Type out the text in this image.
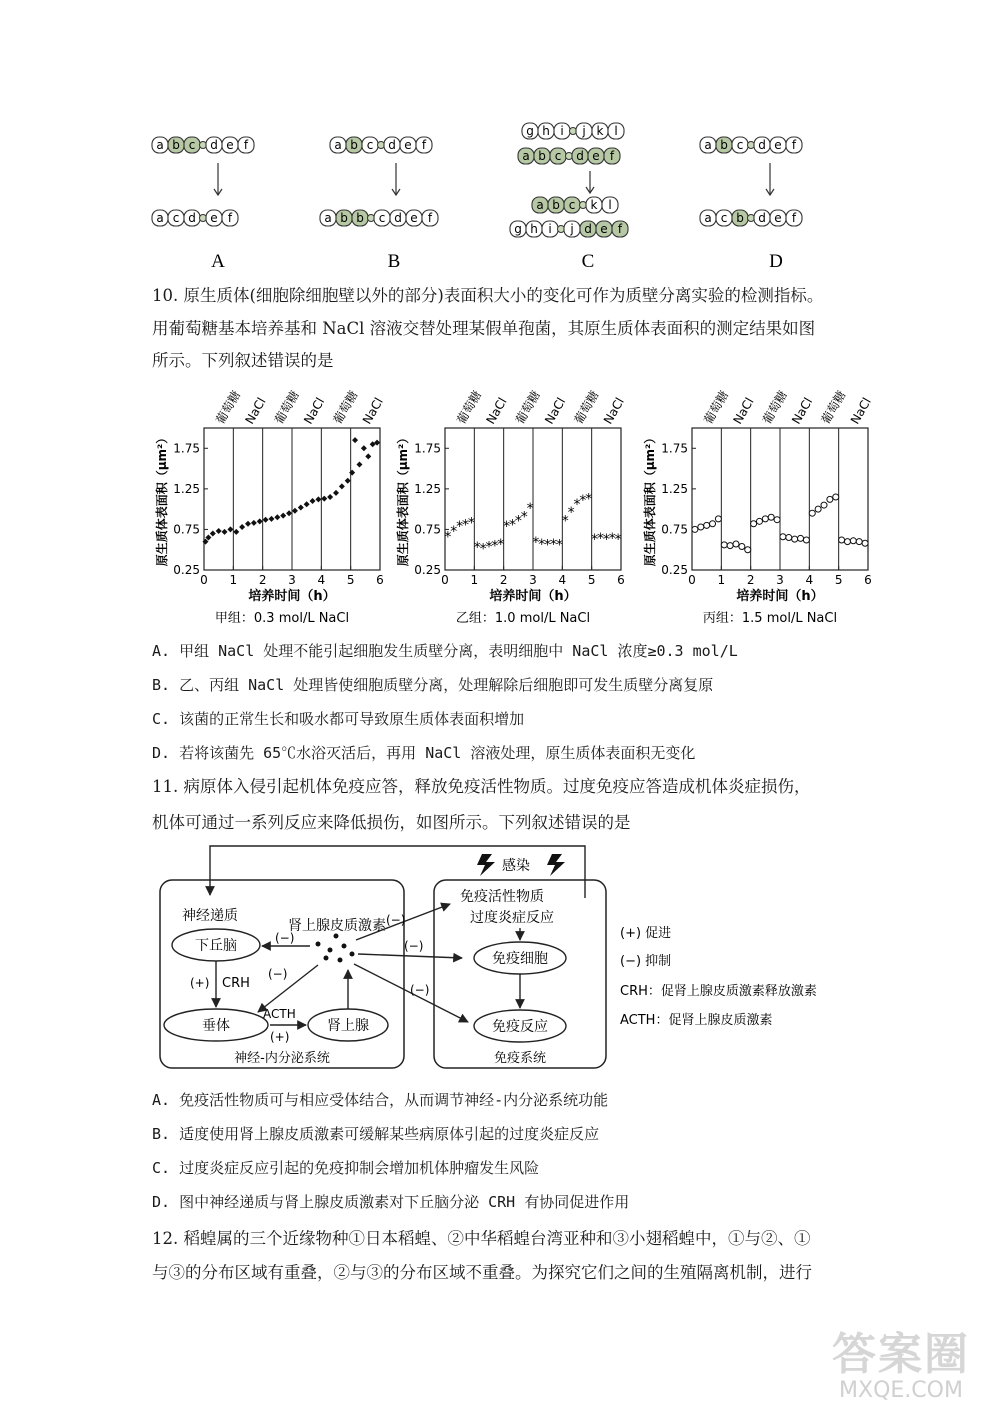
a b c d e f
a c d e f
A
a b c d e f
a b b c d e f
B
g h i j k l
a b c d e f
a b c k l
g h i j d e f
C
a b c d e f
a c b d e f
D
10. 原生质体(细胞除细胞壁以外的部分)表面积大小的变化可作为质壁分离实验的检测指标。
用葡萄糖基本培养基和 NaCl 溶液交替处理某假单孢菌，其原生质体表面积的测定结果如图
所示。下列叙述错误的是
葡萄糖 NaCl 葡萄糖 NaCl 葡萄糖 NaCl
0 1 2 3 4 5 6
0.25
0.75
1.25
1.75
培养时间（h）
原生质体表面积（μm²）
甲组：0.3 mol/L NaCl
葡萄糖 NaCl 葡萄糖 NaCl 葡萄糖 NaCl
0 1 2 3 4 5 6
0.25
0.75
1.25
1.75
培养时间（h）
原生质体表面积（μm²）
乙组：1.0 mol/L NaCl
*
*
*
*
*
*
*
*
*
*
*
*
*
*
*
*
*
*
*
*
*
*
*
*
*
*
*
*
*
*
葡萄糖 NaCl 葡萄糖 NaCl 葡萄糖 NaCl
0 1 2 3 4 5 6
0.25
0.75
1.25
1.75
培养时间（h）
原生质体表面积（μm²）
丙组：1.5 mol/L NaCl
A. 甲组 NaCl 处理不能引起细胞发生质壁分离，表明细胞中 NaCl 浓度≥0.3 mol/L
B. 乙、丙组 NaCl 处理皆使细胞质壁分离，处理解除后细胞即可发生质壁分离复原
C. 该菌的正常生长和吸水都可导致原生质体表面积增加
D. 若将该菌先 65℃水浴灭活后，再用 NaCl 溶液处理，原生质体表面积无变化
11. 病原体入侵引起机体免疫应答，释放免疫活性物质。过度免疫应答造成机体炎症损伤，
机体可通过一系列反应来降低损伤，如图所示。下列叙述错误的是
感染
免疫活性物质
过度炎症反应
神经递质
肾上腺皮质激素
下丘脑
垂体	肾上腺
神经-内分泌系统
(+) CRH
ACTH
(+)
(−)
(−)
(−)
(−)
(−)
免疫细胞
免疫反应
免疫系统
(+) 促进
(−) 抑制
CRH：促肾上腺皮质激素释放激素
ACTH：促肾上腺皮质激素
A. 免疫活性物质可与相应受体结合，从而调节神经-内分泌系统功能
B. 适度使用肾上腺皮质激素可缓解某些病原体引起的过度炎症反应
C. 过度炎症反应引起的免疫抑制会增加机体肿瘤发生风险
D. 图中神经递质与肾上腺皮质激素对下丘脑分泌 CRH 有协同促进作用
12. 稻蝗属的三个近缘物种①日本稻蝗、②中华稻蝗台湾亚种和③小翅稻蝗中，①与②、①
与③的分布区域有重叠，②与③的分布区域不重叠。为探究它们之间的生殖隔离机制，进行
答案圈
MXQE.COM
